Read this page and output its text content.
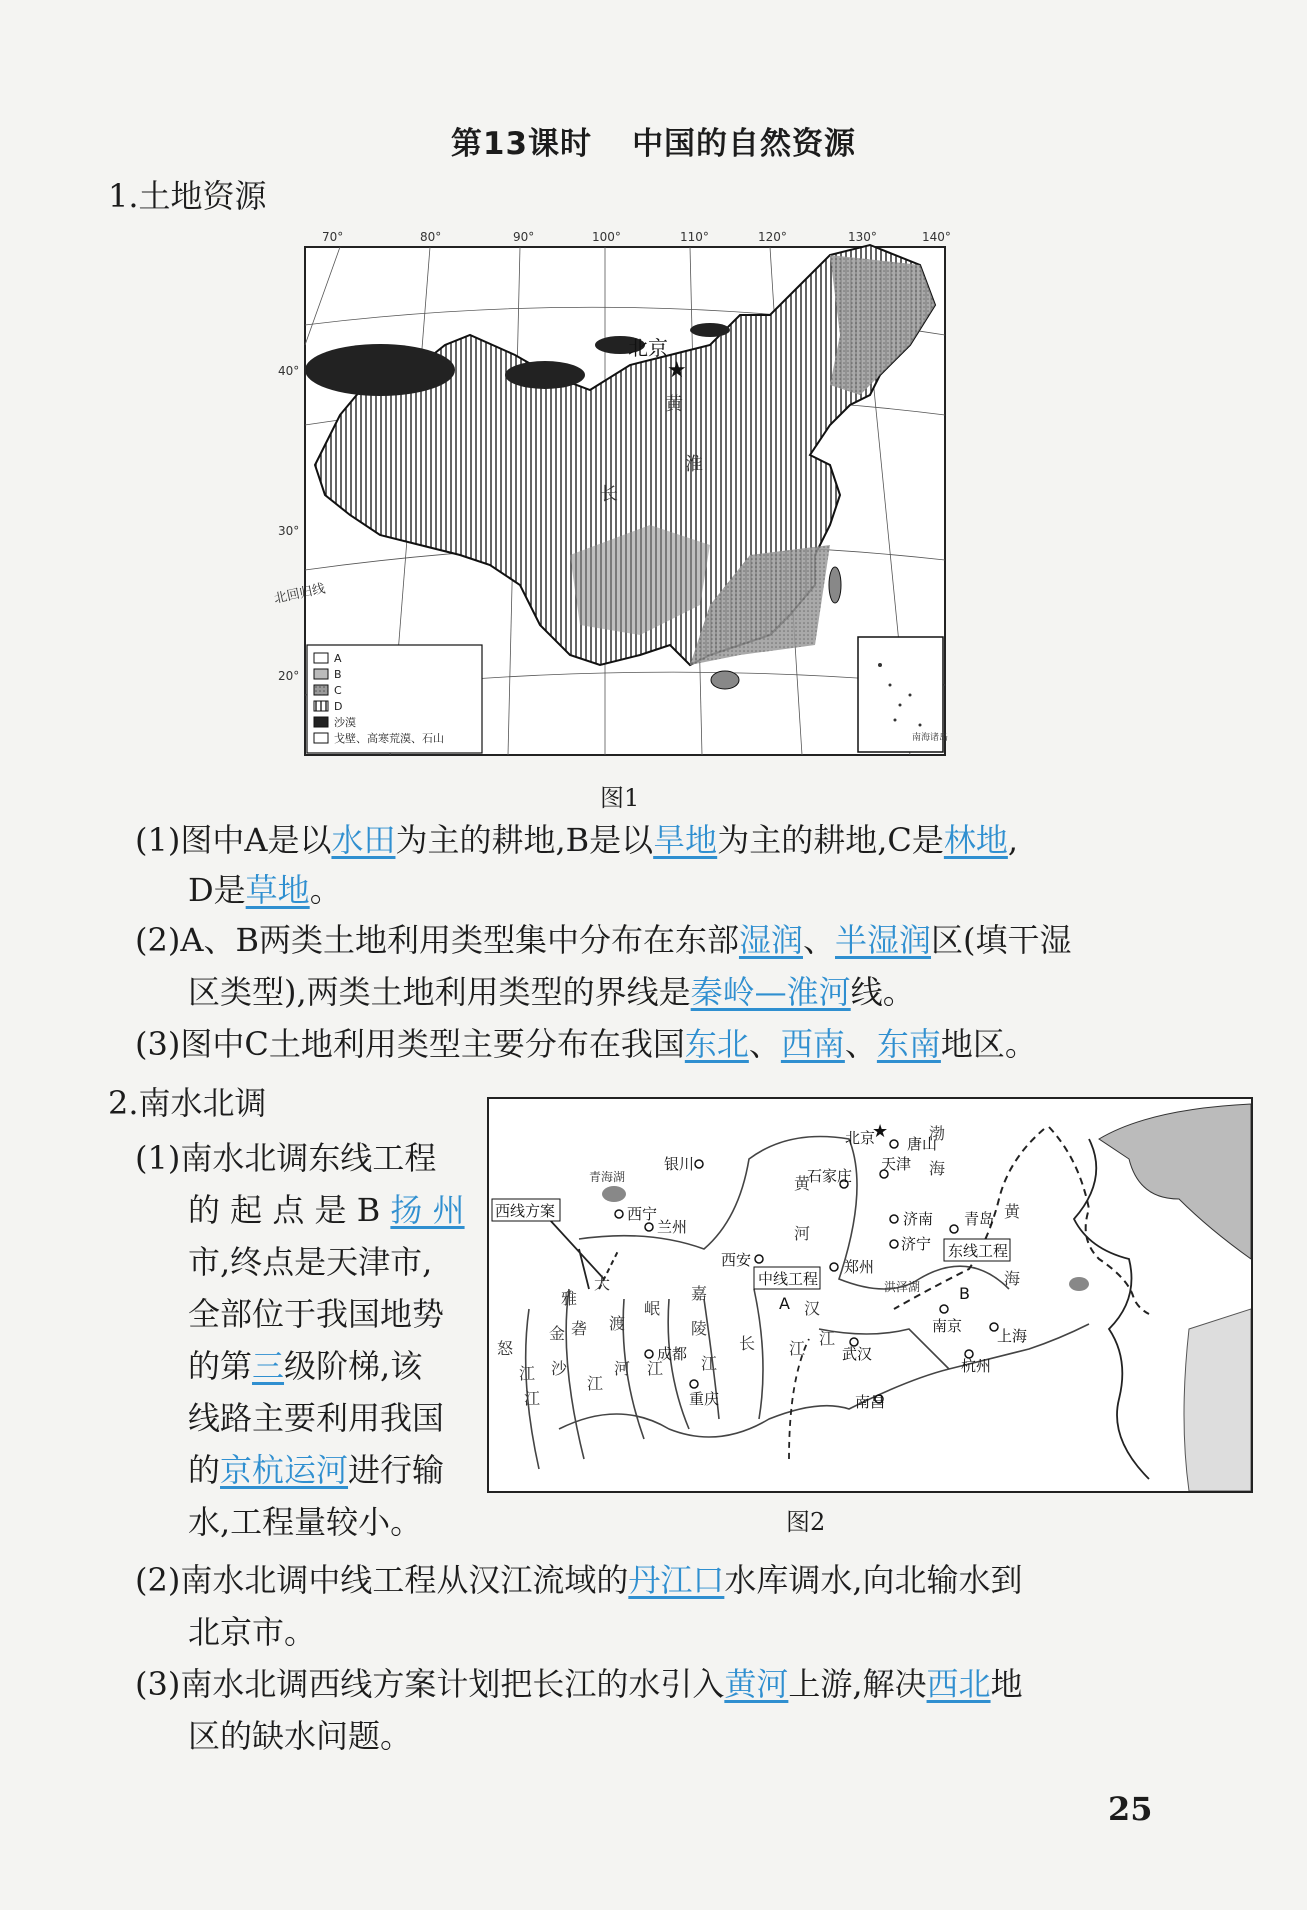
第13课时 中国的自然资源
1.土地资源
70°	80°	90°	100°	110°	120°	130°	140°
40°
30°
20°
北京
★
黄
长
淮
北回归线
南海诸岛
A
B
C
D
沙漠
戈壁、高寒荒漠、石山
图1
(1)图中A是以水田为主的耕地,B是以旱地为主的耕地,C是林地,
D是草地。
(2)A、B两类土地利用类型集中分布在东部湿润、半湿润区(填干湿
区类型),两类土地利用类型的界线是秦岭—淮河线。
(3)图中C土地利用类型主要分布在我国东北、西南、东南地区。
2.南水北调
(1)南水北调东线工程
的 起 点 是 B 扬 州
市,终点是天津市,
全部位于我国地势
的第三级阶梯,该
线路主要利用我国
的京杭运河进行输
水,工程量较小。
西线方案
中线工程
东线工程
★
北京 唐山
天津
石家庄
银川
西宁
兰州	济南 青岛
济宁
西安	郑州
南京
上海
杭州
武汉
南昌
成都
重庆
青海湖
洪泽湖
黄
河
渤
海
黄
海
汉
江
长 江
雅
砻
江
大
渡
河
岷
江
嘉
陵
江
金
沙
江
怒
江
A
B
图2
(2)南水北调中线工程从汉江流域的丹江口水库调水,向北输水到
北京市。
(3)南水北调西线方案计划把长江的水引入黄河上游,解决西北地
区的缺水问题。
25
